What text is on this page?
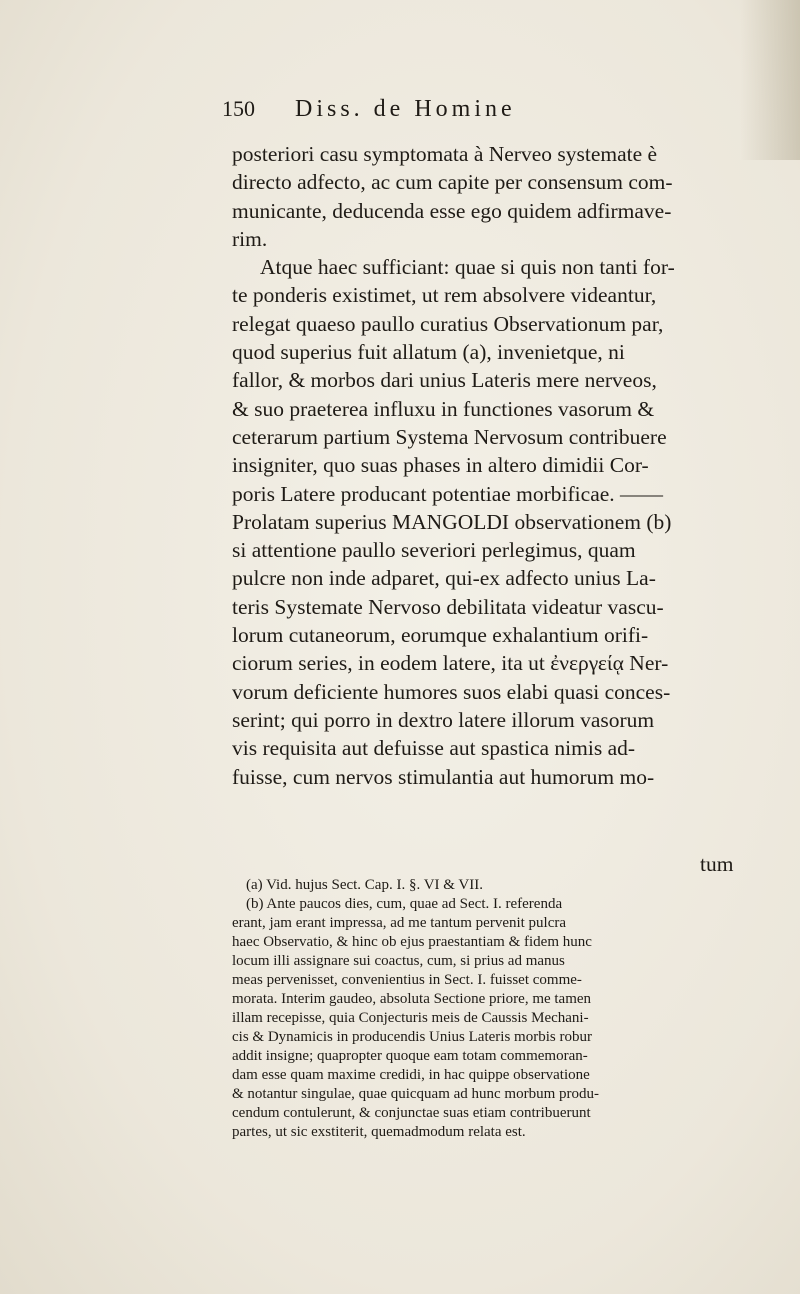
150 Diss. de Homine

posteriori casu symptomata à Nerveo systemate è
directo adfecto, ac cum capite per consensum com-
municante, deducenda esse ego quidem adfirmave-
rim.

Atque haec sufficiant: quae si quis non tanti for-
te ponderis existimet, ut rem absolvere videantur,
relegat quaeso paullo curatius Observationum par,
quod superius fuit allatum (a), invenietque, ni
fallor, & morbos dari unius Lateris mere nerveos,
& suo praeterea influxu in functiones vasorum &
ceterarum partium Systema Nervosum contribuere
insigniter, quo suas phases in altero dimidii Cor-
poris Latere producant potentiae morbificae. ——
Prolatam superius MANGOLDI observationem (b)
si attentione paullo severiori perlegimus, quam
pulcre non inde adparet, qui-ex adfecto unius La-
teris Systemate Nervoso debilitata videatur vascu-
lorum cutaneorum, eorumque exhalantium orifi-
ciorum series, in eodem latere, ita ut ἐνεργείᾳ Ner-
vorum deficiente humores suos elabi quasi conces-
serint; qui porro in dextro latere illorum vasorum
vis requisita aut defuisse aut spastica nimis ad-
fuisse, cum nervos stimulantia aut humorum mo-

tum
(a) Vid. hujus Sect. Cap. I. §. VI & VII.
(b) Ante paucos dies, cum, quae ad Sect. I. referenda
erant, jam erant impressa, ad me tantum pervenit pulcra
haec Observatio, & hinc ob ejus praestantiam & fidem hunc
locum illi assignare sui coactus, cum, si prius ad manus
meas pervenisset, convenientius in Sect. I. fuisset comme-
morata. Interim gaudeo, absoluta Sectione priore, me tamen
illam recepisse, quia Conjecturis meis de Caussis Mechani-
cis & Dynamicis in producendis Unius Lateris morbis robur
addit insigne; quapropter quoque eam totam commemoran-
dam esse quam maxime credidi, in hac quippe observatione
& notantur singulae, quae quicquam ad hunc morbum produ-
cendum contulerunt, & conjunctae suas etiam contribuerunt
partes, ut sic exstiterit, quemadmodum relata est.
